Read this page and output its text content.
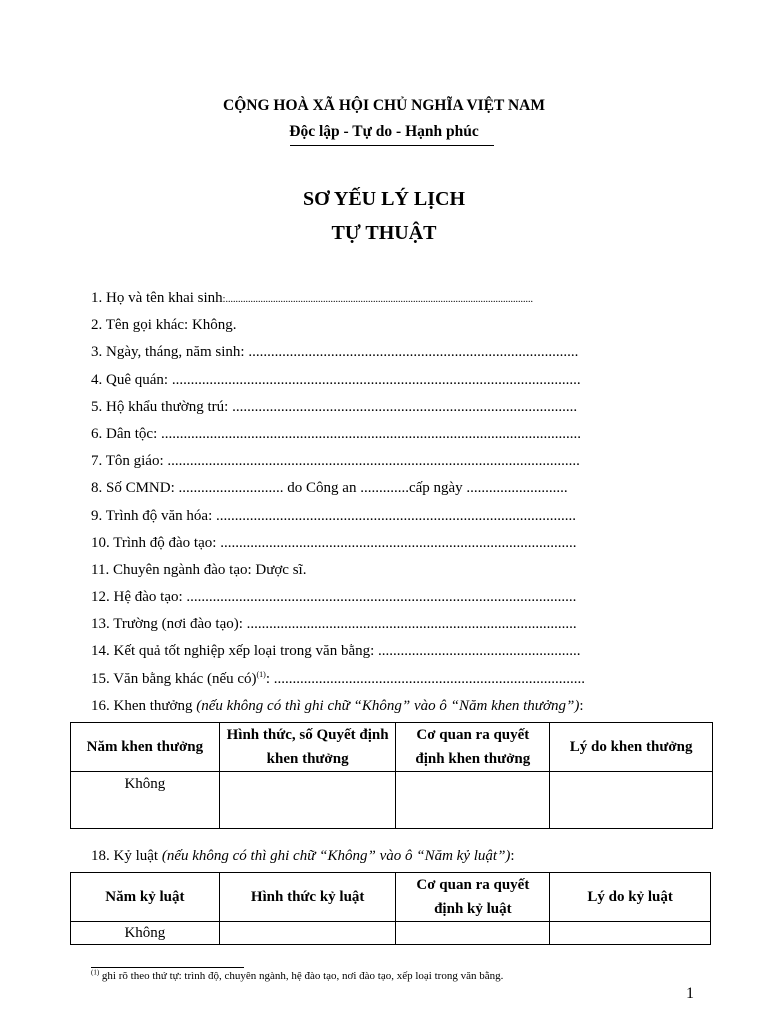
CỘNG HOÀ XÃ HỘI CHỦ NGHĨA VIỆT NAM
Độc lập - Tự do - Hạnh phúc
SƠ YẾU LÝ LỊCH
TỰ THUẬT
1. Họ và tên khai sinh:...........................................................................................................................
2. Tên gọi khác: Không.
3. Ngày, tháng, năm sinh: ........................................................................................
4. Quê quán: .............................................................................................................
5. Hộ khẩu thường trú: ............................................................................................
6. Dân tộc: ................................................................................................................
7. Tôn giáo: ..............................................................................................................
8. Số CMND: ............................ do Công an .............cấp ngày ...........................
9. Trình độ văn hóa: ................................................................................................
10. Trình độ đào tạo: ...............................................................................................
11. Chuyên ngành đào tạo: Dược sĩ.
12. Hệ đào tạo: ........................................................................................................
13. Trường (nơi đào tạo): ........................................................................................
14. Kết quả tốt nghiệp xếp loại trong văn bằng: ......................................................
15. Văn bằng khác (nếu có)$^{(1)}$: ...................................................................................
16. Khen thưởng (nếu không có thì ghi chữ “Không” vào ô “Năm khen thưởng”):
Năm khen thưởng	Hình thức, số Quyết định khen thưởng	Cơ quan ra quyết định khen thưởng	Lý do khen thưởng
Không			
18. Kỷ luật (nếu không có thì ghi chữ “Không” vào ô “Năm kỷ luật”):
Năm kỷ luật	Hình thức kỷ luật	Cơ quan ra quyết định kỷ luật	Lý do kỷ luật
Không			
$^{(1)}$ ghi rõ theo thứ tự: trình độ, chuyên ngành, hệ đào tạo, nơi đào tạo, xếp loại trong văn bằng.
1
